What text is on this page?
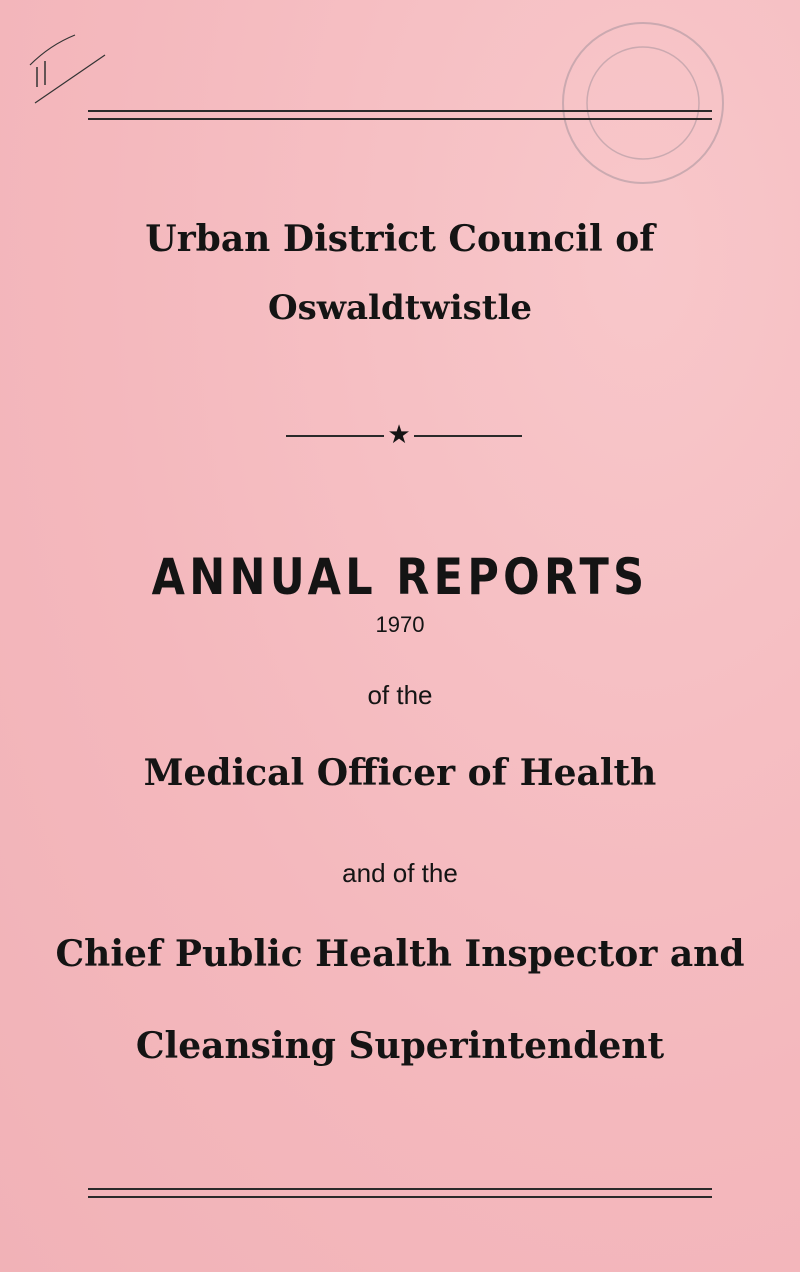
Urban District Council of
Oswaldtwistle
★
ANNUAL REPORTS
1970
of the
Medical Officer of Health
and of the
Chief Public Health Inspector and
Cleansing Superintendent
